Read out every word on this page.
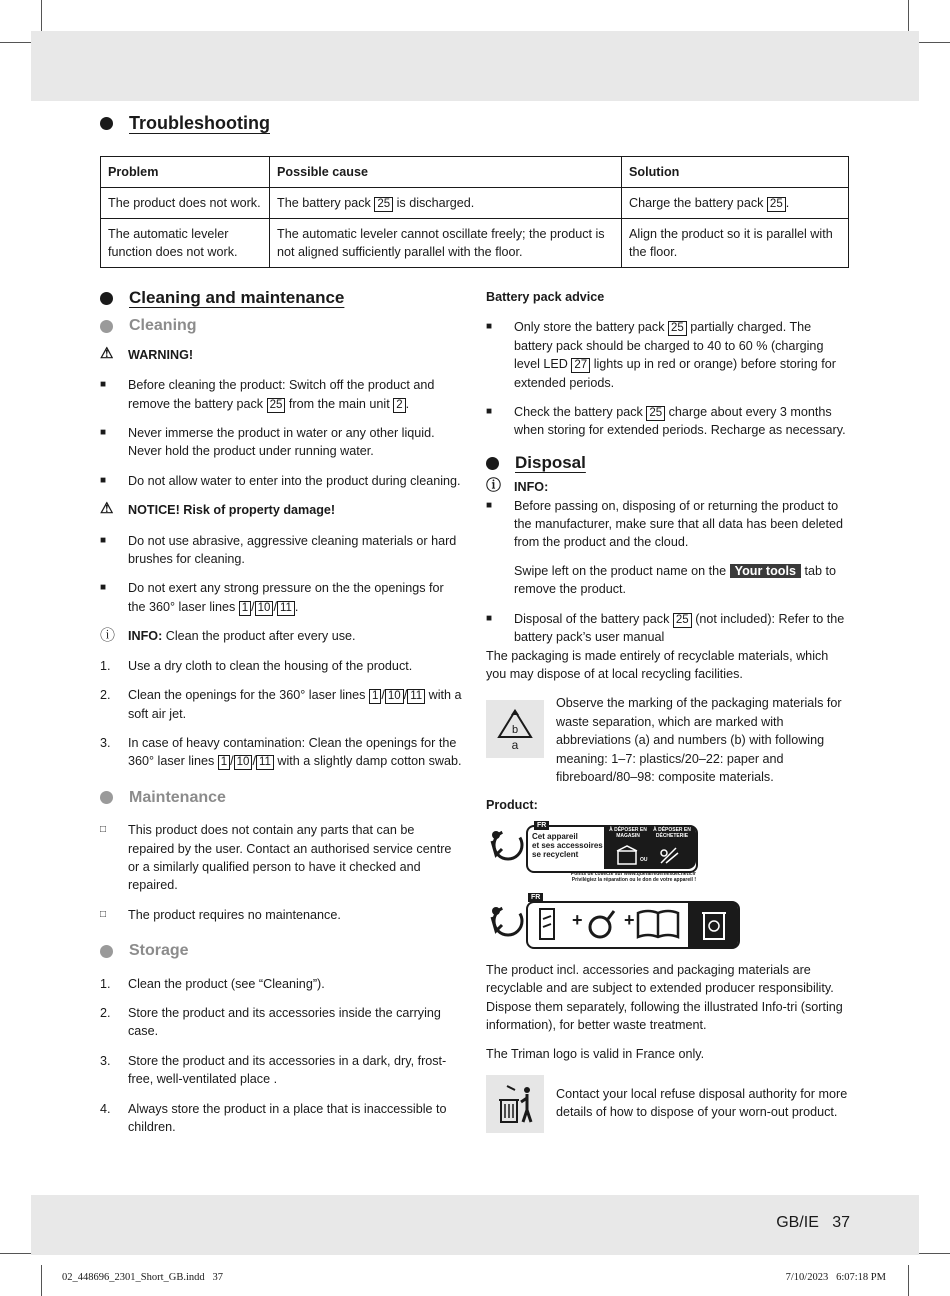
Troubleshooting
Problem	Possible cause	Solution
The product does not work.	The battery pack 25 is discharged.	Charge the battery pack 25 .
The automatic leveler function does not work.	The automatic leveler cannot oscillate freely; the product is not aligned sufficiently parallel with the floor.	Align the product so it is parallel with the floor.
Cleaning and maintenance
Cleaning
⚠	WARNING!
■	Before cleaning the product: Switch off the product and remove the battery pack 25 from the main unit 2 .
■	Never immerse the product in water or any other liquid. Never hold the product under running water.
■	Do not allow water to enter into the product during cleaning.
⚠	NOTICE! Risk of property damage!
■	Do not use abrasive, aggressive cleaning materials or hard brushes for cleaning.
■	Do not exert any strong pressure on the the openings for the 360° laser lines 1 / 10 / 11 .
ⓘ	INFO: Clean the product after every use.
1.	Use a dry cloth to clean the housing of the product.
2.	Clean the openings for the 360° laser lines 1 / 10 / 11 with a soft air jet.
3.	In case of heavy contamination: Clean the openings for the 360° laser lines 1 / 10 / 11 with a slightly damp cotton swab.
Maintenance
□	This product does not contain any parts that can be repaired by the user. Contact an authorised service centre or a similarly qualified person to have it checked and repaired.
□	The product requires no maintenance.
Storage
1.	Clean the product (see “Cleaning”).
2.	Store the product and its accessories inside the carrying case.
3.	Store the product and its accessories in a dark, dry, frost-free, well-ventilated place .
4.	Always store the product in a place that is inaccessible to children.
Battery pack advice
■	Only store the battery pack 25 partially charged. The battery pack should be charged to 40 to 60 % (charging level LED 27 lights up in red or orange) before storing for extended periods.
■	Check the battery pack 25 charge about every 3 months when storing for extended periods. Recharge as necessary.
Disposal
ⓘ	INFO:
■	Before passing on, disposing of or returning the product to the manufacturer, make sure that all data has been deleted from the product and the cloud.
Swipe left on the product name on the Your tools tab to remove the product.
■	Disposal of the battery pack 25 (not included): Refer to the battery pack’s user manual
The packaging is made entirely of recyclable materials, which you may dispose of at local recycling facilities.
b
a
Observe the marking of the packaging materials for waste separation, which are marked with abbreviations (a) and numbers (b) with following meaning: 1–7: plastics/20–22: paper and fibreboard/80–98: composite materials.
Product:
FR
Cet appareil
et ses accessoires
se recyclent
À DÉPOSER EN MAGASIN
À DÉPOSER EN DÉCHETERIE
OU
Points de collecte sur www.quefairedemesdechets.fr
Privilégiez la réparation ou le don de votre appareil !
FR
+ +
The product incl. accessories and packaging materials are recyclable and are subject to extended producer responsibility. Dispose them separately, following the illustrated Info-tri (sorting information), for better waste treatment.
The Triman logo is valid in France only.
Contact your local refuse disposal authority for more details of how to dispose of your worn-out product.
GB/IE   37
02_448696_2301_Short_GB.indd   37	7/10/2023   6:07:18 PM
